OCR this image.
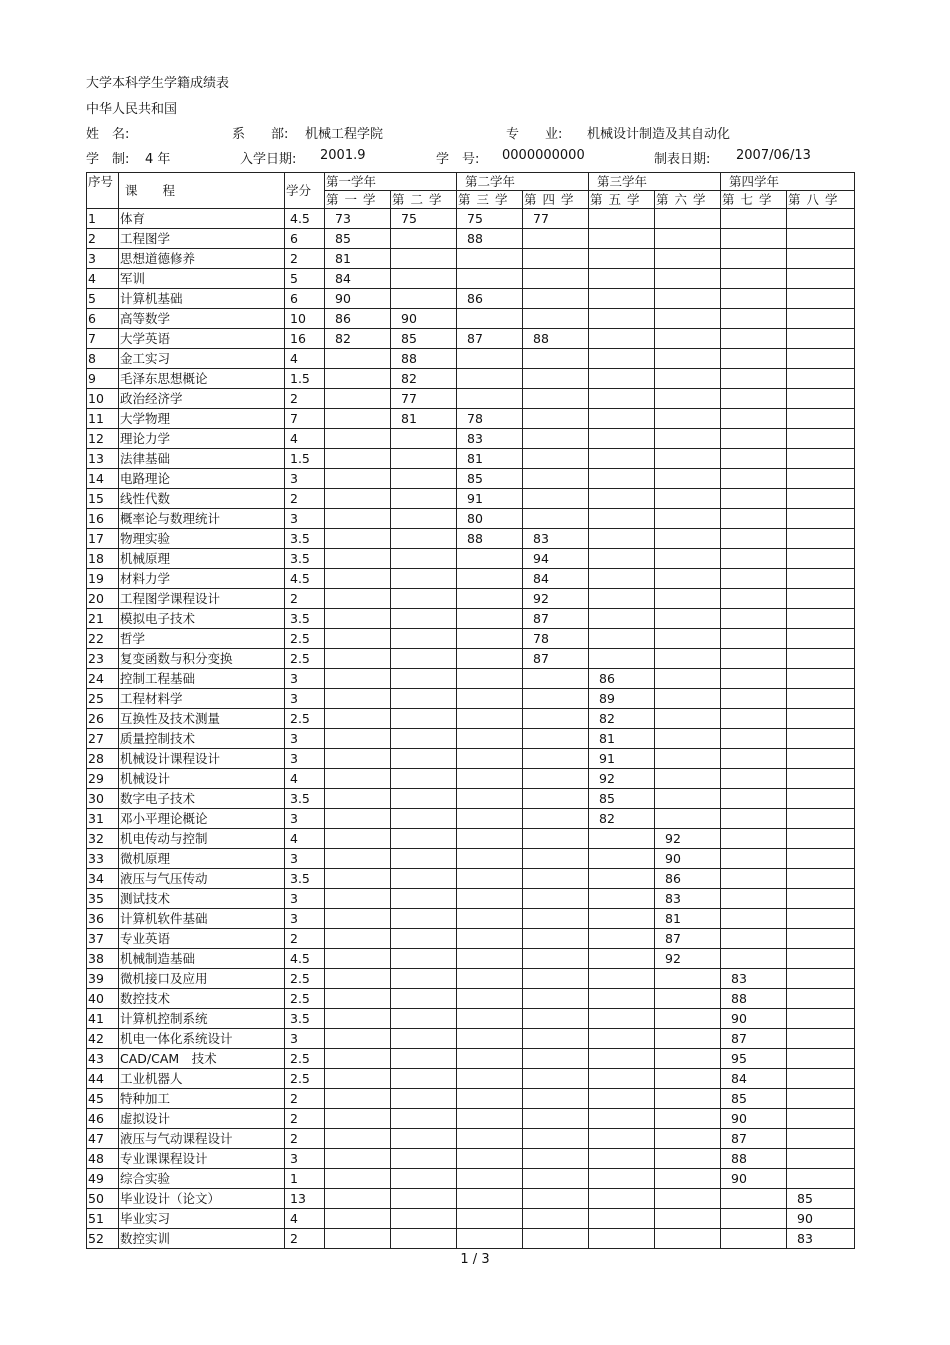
大学本科学生学籍成绩表
中华人民共和国
姓　名:	系　　部: 机械工程学院	专　　业: 机械设计制造及其自动化
学　制: 4 年	入学日期: 2001.9	学　号: 0000000000	制表日期: 2007/06/13
序号	课　　程	学分	第一学年		第二学年		第三学年		第四学年	
			第 一 学	第 二 学	第 三 学	第 四 学	第 五 学	第 六 学	第 七 学	第 八 学
1	体育	4.5	73	75	75	77				
2	工程图学	6	85		88					
3	思想道德修养	2	81							
4	军训	5	84							
5	计算机基础	6	90		86					
6	高等数学	10	86	90						
7	大学英语	16	82	85	87	88				
8	金工实习	4		88						
9	毛泽东思想概论	1.5		82						
10	政治经济学	2		77						
11	大学物理	7		81	78					
12	理论力学	4			83					
13	法律基础	1.5			81					
14	电路理论	3			85					
15	线性代数	2			91					
16	概率论与数理统计	3			80					
17	物理实验	3.5			88	83				
18	机械原理	3.5				94				
19	材料力学	4.5				84				
20	工程图学课程设计	2				92				
21	模拟电子技术	3.5				87				
22	哲学	2.5				78				
23	复变函数与积分变换	2.5				87				
24	控制工程基础	3					86			
25	工程材料学	3					89			
26	互换性及技术测量	2.5					82			
27	质量控制技术	3					81			
28	机械设计课程设计	3					91			
29	机械设计	4					92			
30	数字电子技术	3.5					85			
31	邓小平理论概论	3					82			
32	机电传动与控制	4						92		
33	微机原理	3						90		
34	液压与气压传动	3.5						86		
35	测试技术	3						83		
36	计算机软件基础	3						81		
37	专业英语	2						87		
38	机械制造基础	4.5						92		
39	微机接口及应用	2.5							83	
40	数控技术	2.5							88	
41	计算机控制系统	3.5							90	
42	机电一体化系统设计	3							87	
43	CAD/CAM　技术	2.5							95	
44	工业机器人	2.5							84	
45	特种加工	2							85	
46	虚拟设计	2							90	
47	液压与气动课程设计	2							87	
48	专业课课程设计	3							88	
49	综合实验	1							90	
50	毕业设计（论文）	13								85
51	毕业实习	4								90
52	数控实训	2								83
1 / 3
